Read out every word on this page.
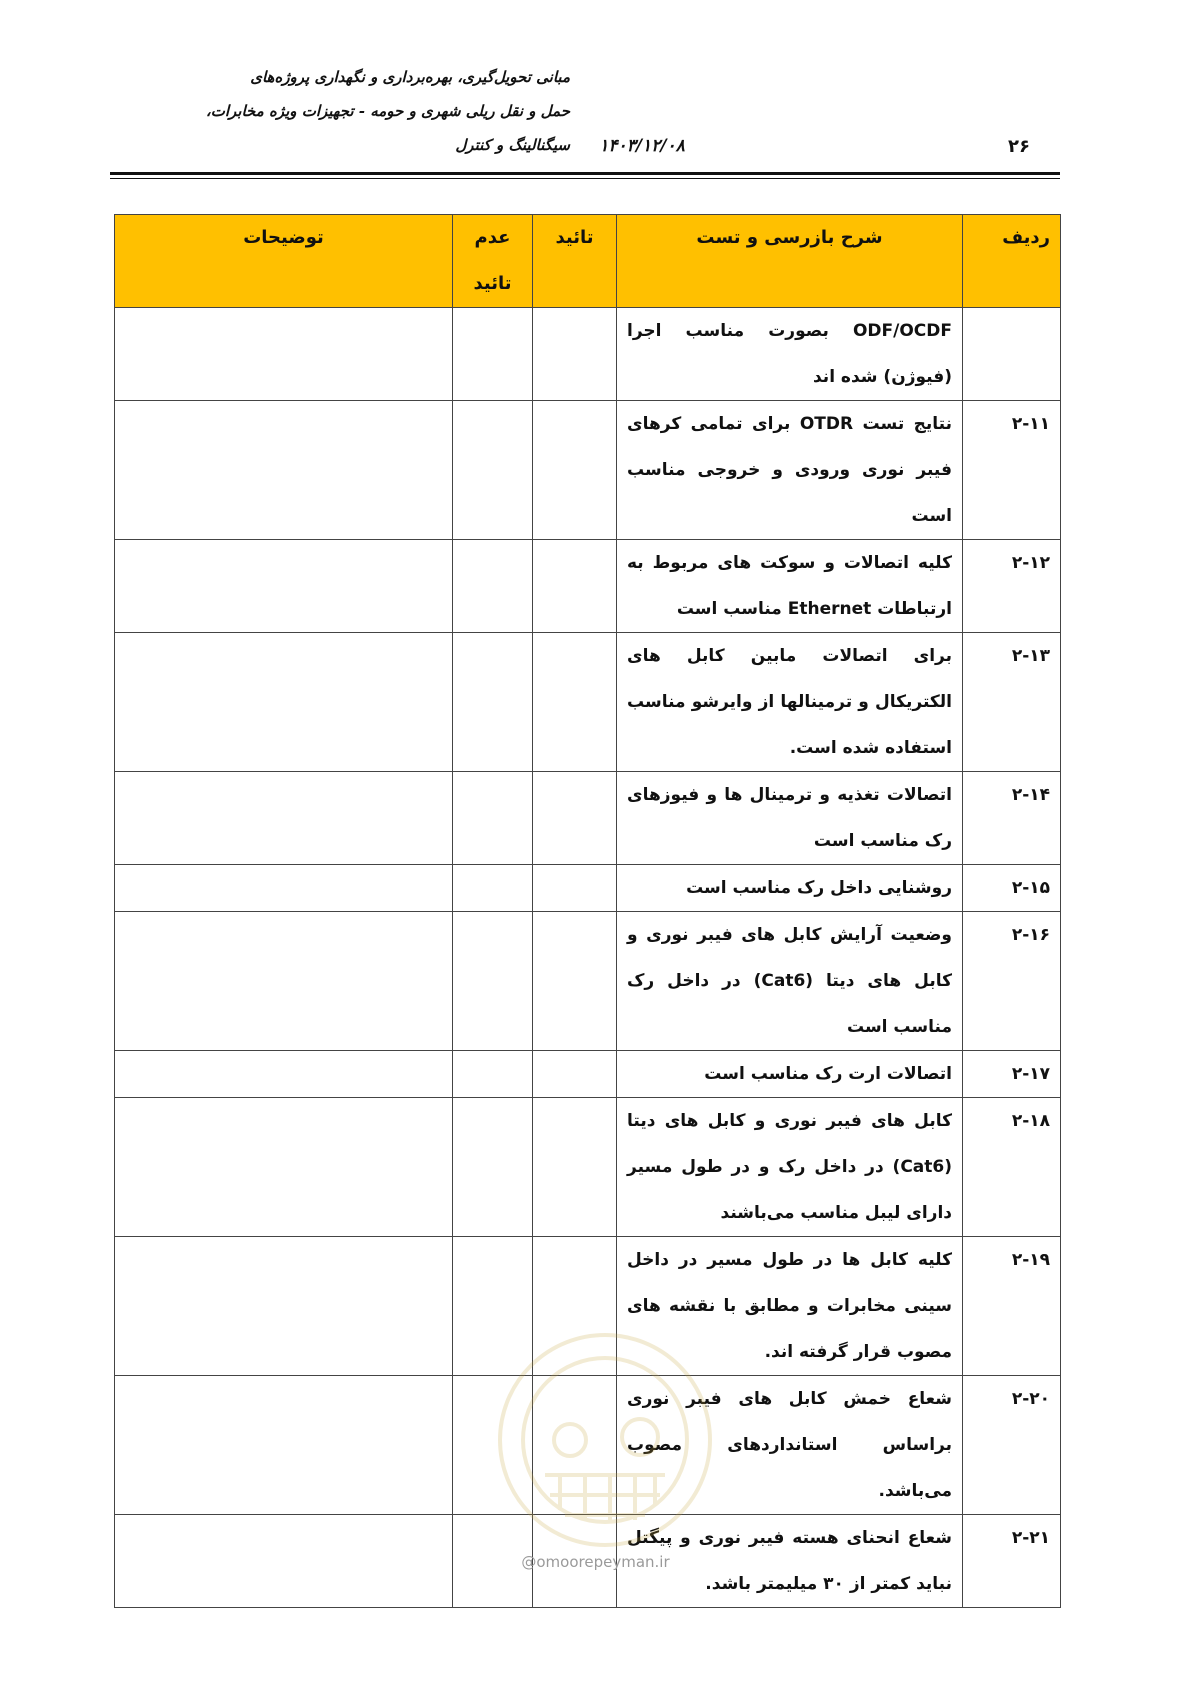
مبانی تحویل‌گیری، بهره‌برداری و نگهداری پروژه‌های
حمل و نقل ریلی شهری و حومه - تجهیزات ویژه مخابرات،
سیگنالینگ و کنترل	۱۴۰۳/۱۲/۰۸	۲۶
ردیف	شرح بازرسی و تست	تائید	عدم تائید	توضیحات
	ODF/OCDF بصورت مناسب اجرا (فیوژن) شده اند			
۲-۱۱	نتایج تست OTDR برای تمامی کرهای فیبر نوری ورودی و خروجی مناسب است			
۲-۱۲	کلیه اتصالات و سوکت های مربوط به ارتباطات Ethernet مناسب است			
۲-۱۳	برای اتصالات مابین کابل های الکتریکال و ترمینالها از وایرشو مناسب استفاده شده است.			
۲-۱۴	اتصالات تغذیه و ترمینال ها و فیوزهای رک مناسب است			
۲-۱۵	روشنایی داخل رک مناسب است			
۲-۱۶	وضعیت آرایش کابل های فیبر نوری و کابل های دیتا (Cat6) در داخل رک مناسب است			
۲-۱۷	اتصالات ارت رک مناسب است			
۲-۱۸	کابل های فیبر نوری و کابل های دیتا (Cat6) در داخل رک و در طول مسیر دارای لیبل مناسب می‌باشند			
۲-۱۹	کلیه کابل ها در طول مسیر در داخل سینی مخابرات و مطابق با نقشه های مصوب قرار گرفته اند.			
۲-۲۰	شعاع خمش کابل های فیبر نوری براساس استانداردهای مصوب می‌باشد.			
۲-۲۱	شعاع انحنای هسته فیبر نوری و پیگتل نباید کمتر از ۳۰ میلیمتر باشد.			
@omoorepeyman.ir
